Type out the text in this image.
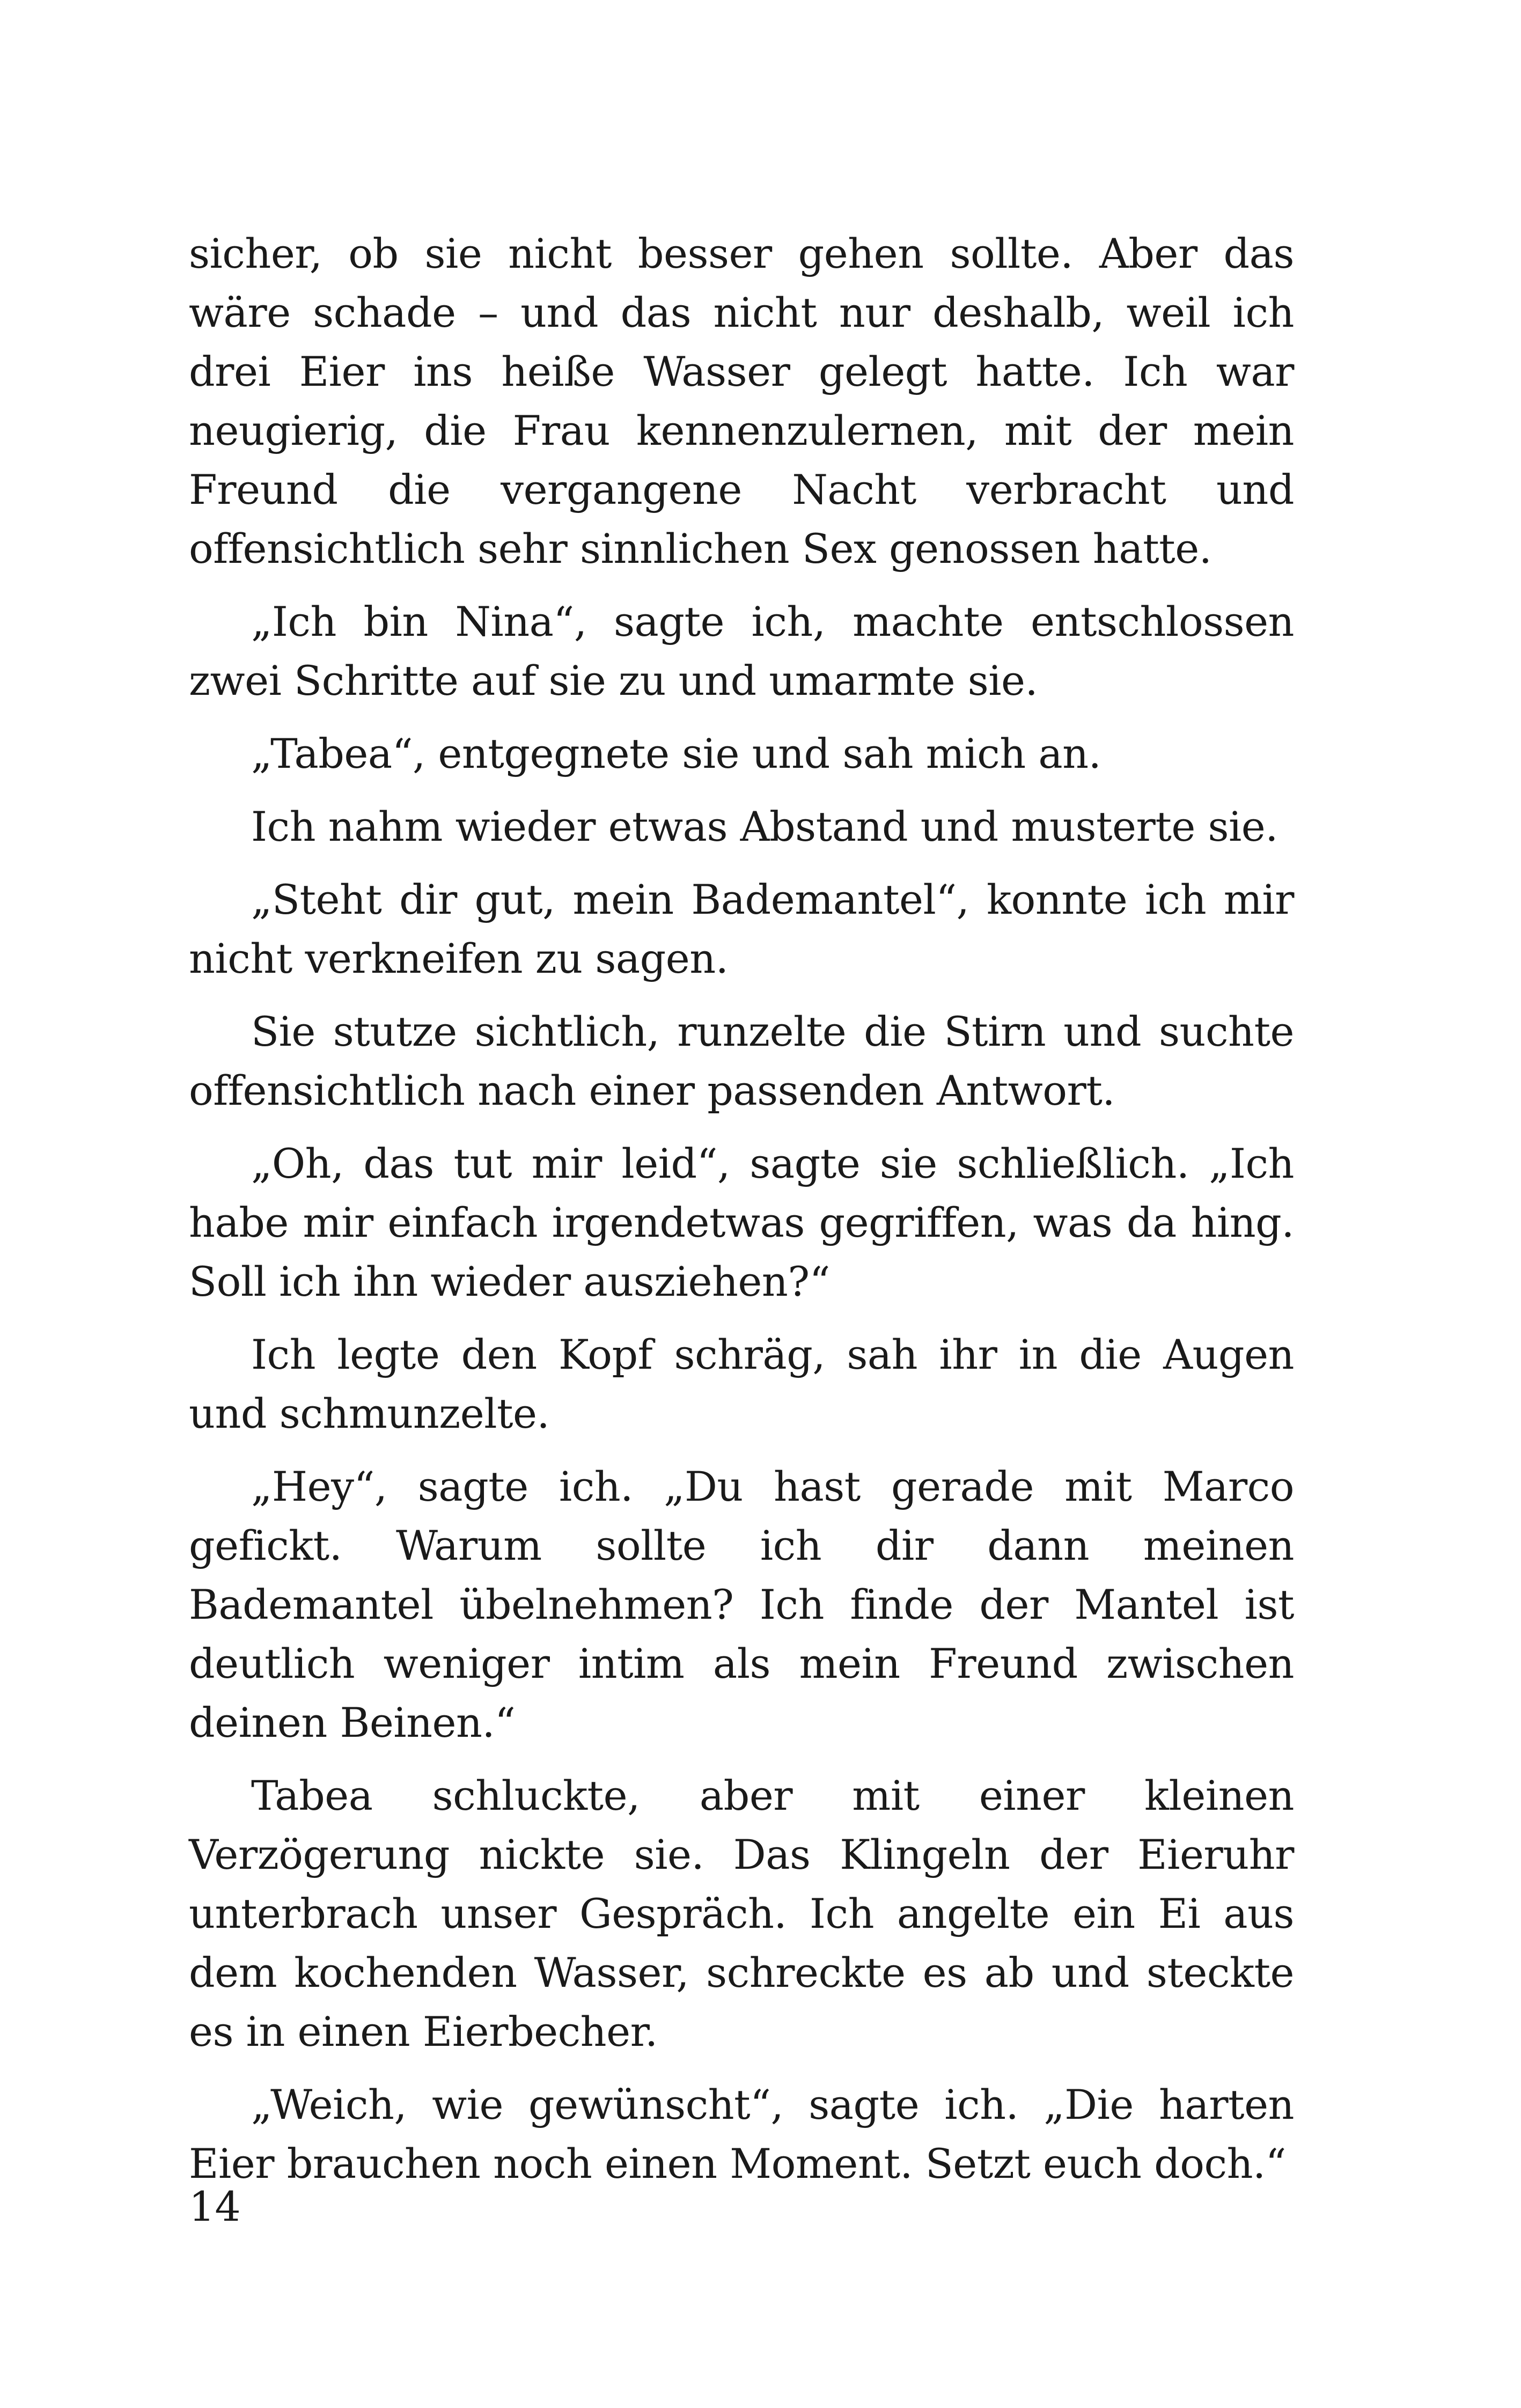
sicher, ob sie nicht besser gehen sollte. Aber das wäre schade – und das nicht nur deshalb, weil ich drei Eier ins heiße Wasser gelegt hatte. Ich war neugierig, die Frau kennenzulernen, mit der mein Freund die vergangene Nacht verbracht und offensichtlich sehr sinnlichen Sex genossen hatte.

„Ich bin Nina“, sagte ich, machte entschlossen zwei Schritte auf sie zu und umarmte sie.

„Tabea“, entgegnete sie und sah mich an.

Ich nahm wieder etwas Abstand und musterte sie.

„Steht dir gut, mein Bademantel“, konnte ich mir nicht verkneifen zu sagen.

Sie stutze sichtlich, runzelte die Stirn und suchte offensichtlich nach einer passenden Antwort.

„Oh, das tut mir leid“, sagte sie schließlich. „Ich habe mir einfach irgendetwas gegriffen, was da hing. Soll ich ihn wieder ausziehen?“

Ich legte den Kopf schräg, sah ihr in die Augen und schmunzelte.

„Hey“, sagte ich. „Du hast gerade mit Marco gefickt. Warum sollte ich dir dann meinen Bademantel übelnehmen? Ich finde der Mantel ist deutlich weniger intim als mein Freund zwischen deinen Beinen.“

Tabea schluckte, aber mit einer kleinen Verzögerung nickte sie. Das Klingeln der Eieruhr unterbrach unser Gespräch. Ich angelte ein Ei aus dem kochenden Wasser, schreckte es ab und steckte es in einen Eierbecher.

„Weich, wie gewünscht“, sagte ich. „Die harten Eier brauchen noch einen Moment. Setzt euch doch.“

14
